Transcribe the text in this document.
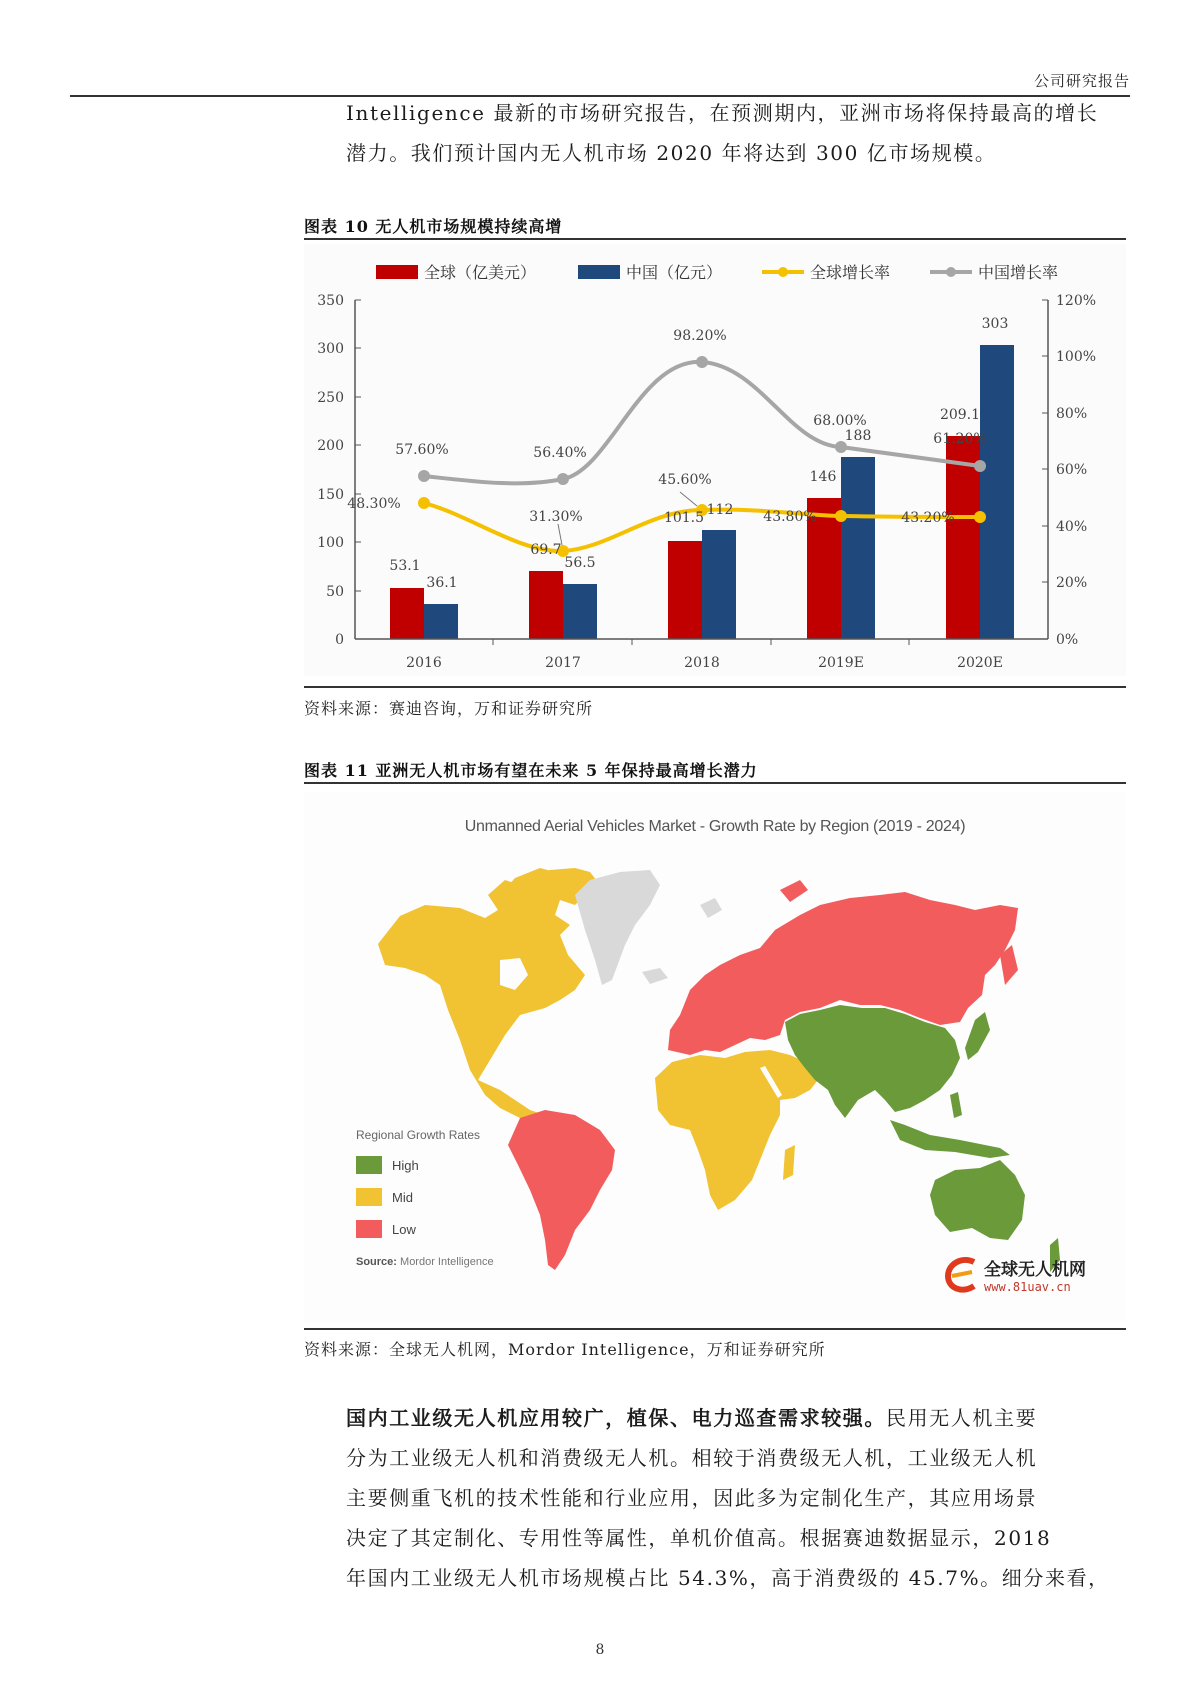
公司研究报告
Intelligence 最新的市场研究报告，在预测期内，亚洲市场将保持最高的增长
潜力。我们预计国内无人机市场 2020 年将达到 300 亿市场规模。
图表 10 无人机市场规模持续高增
全球（亿美元）	中国（亿元）	全球增长率	中国增长率
0
50
100
150
200
250
300
350
0%
20%
40%
60%
80%
100%
120%
2016	2017	2018	2019E	2020E
53.1
36.1
69.7
56.5
101.5 112
146
188
209.1
303
57.60%	56.40%
98.20%
68.00%
61.20%
48.30%
31.30%
45.60%
43.80%	43.20%
资料来源：赛迪咨询，万和证券研究所
图表 11 亚洲无人机市场有望在未来 5 年保持最高增长潜力
Unmanned Aerial Vehicles Market - Growth Rate by Region (2019 - 2024)
Regional Growth Rates
High
Mid
Low
Source: Mordor Intelligence	全球无人机网
www.81uav.cn
资料来源：全球无人机网，Mordor Intelligence，万和证券研究所
国内工业级无人机应用较广，植保、电力巡查需求较强。民用无人机主要
分为工业级无人机和消费级无人机。相较于消费级无人机，工业级无人机
主要侧重飞机的技术性能和行业应用，因此多为定制化生产，其应用场景
决定了其定制化、专用性等属性，单机价值高。根据赛迪数据显示，2018
年国内工业级无人机市场规模占比 54.3%，高于消费级的 45.7%。细分来看，
8
